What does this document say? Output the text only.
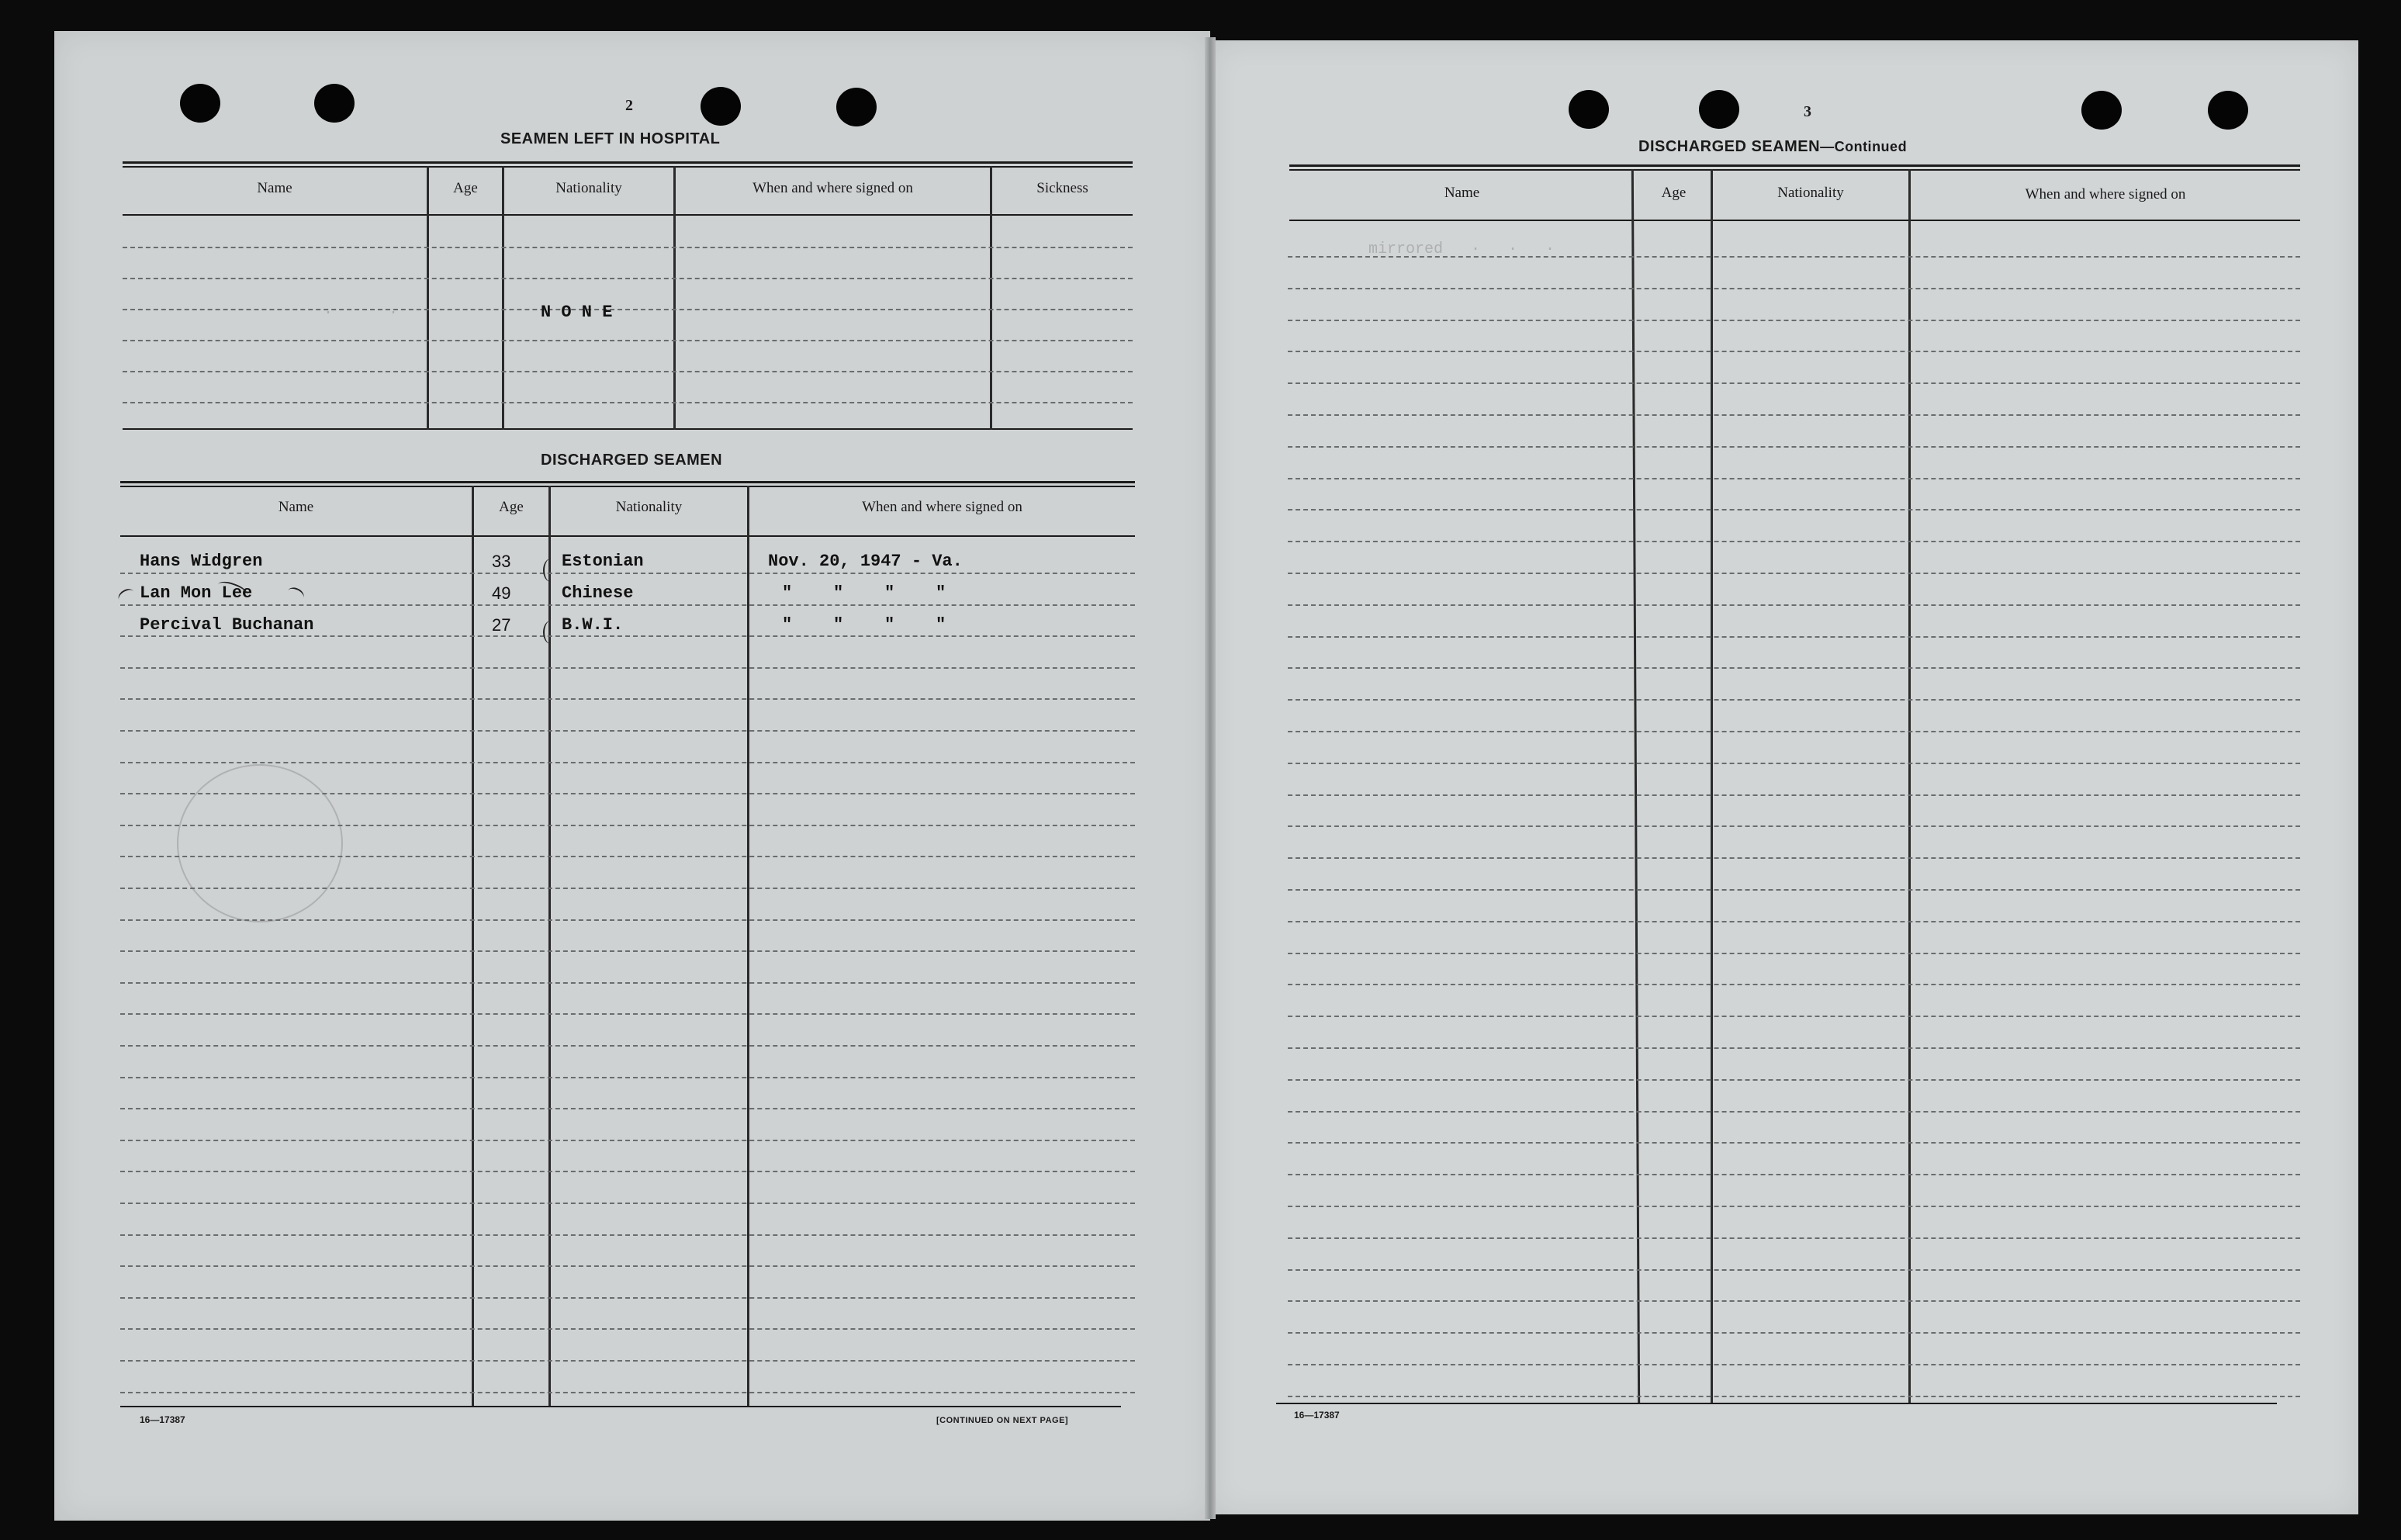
2
SEAMEN LEFT IN HOSPITAL
Name	Age	Nationality	When and where signed on	Sickness
N O N E
·      ·
DISCHARGED SEAMEN
Name	Age	Nationality	When and where signed on
Hans Widgren	33	Estonian	Nov. 20, 1947 - Va.
Lan Mon Lee	49	Chinese	"    "    "    "
Percival Buchanan	27	B.W.I.	"    "    "    "
16—17387	[CONTINUED ON NEXT PAGE]
3
DISCHARGED SEAMEN—Continued
Name	Age	Nationality	When and where signed on
mirrored   ·   ·   ·
16—17387
